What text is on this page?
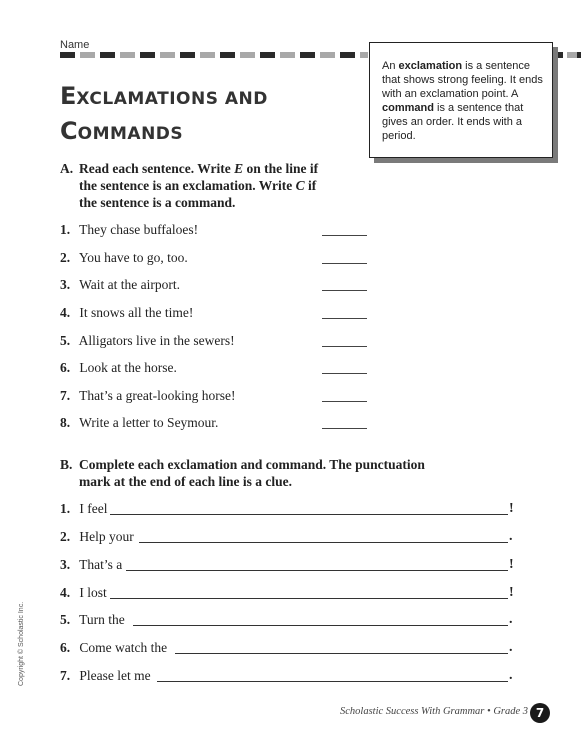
Name
EXCLAMATIONS AND
COMMANDS
An exclamation is a sentence that shows strong feeling. It ends with an exclamation point. A command is a sentence that gives an order. It ends with a period.
A. Read each sentence. Write E on the line if
the sentence is an exclamation. Write C if
the sentence is a command.
1. They chase buffaloes!
2. You have to go, too.
3. Wait at the airport.
4. It snows all the time!
5. Alligators live in the sewers!
6. Look at the horse.
7. That’s a great-looking horse!
8. Write a letter to Seymour.
B. Complete each exclamation and command. The punctuation
mark at the end of each line is a clue.
1. I feel	!
2. Help your	.
3. That’s a	!
4. I lost	!
5. Turn the	.
6. Come watch the	.
7. Please let me	.
Copyright © Scholastic Inc.
Scholastic Success With Grammar • Grade 3 7
